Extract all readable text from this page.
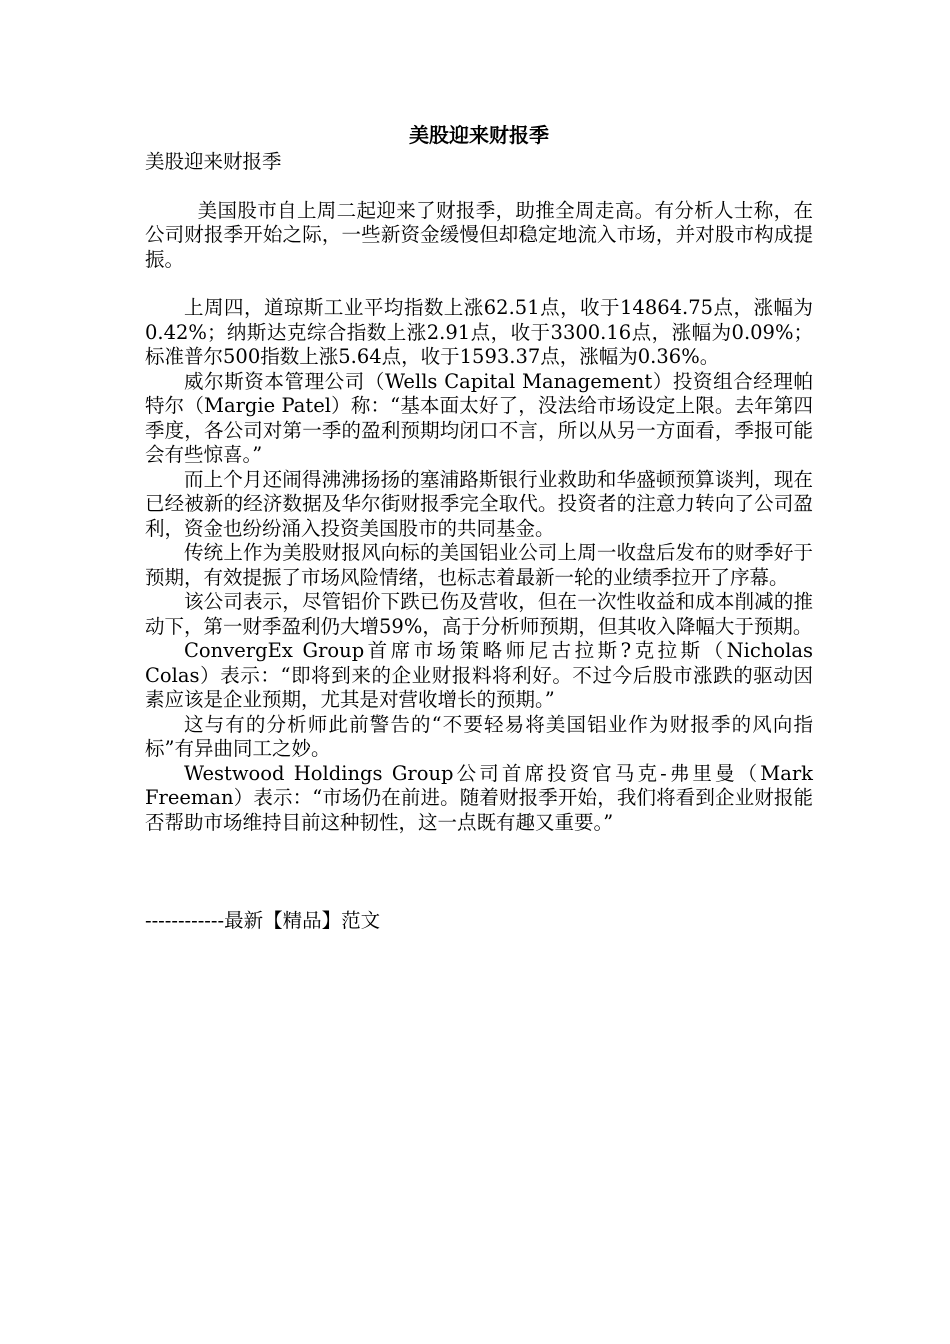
美股迎来财报季
美股迎来财报季

美国股市自上周二起迎来了财报季，助推全周走高。有分析人士称，在公司财报季开始之际，一些新资金缓慢但却稳定地流入市场，并对股市构成提振。

上周四，道琼斯工业平均指数上涨62.51点，收于14864.75点，涨幅为0.42%；纳斯达克综合指数上涨2.91点，收于3300.16点，涨幅为0.09%；标准普尔500指数上涨5.64点，收于1593.37点，涨幅为0.36%。

威尔斯资本管理公司（Wells Capital Management）投资组合经理帕特尔（Margie Patel）称：“基本面太好了，没法给市场设定上限。去年第四季度，各公司对第一季的盈利预期均闭口不言，所以从另一方面看，季报可能会有些惊喜。”

而上个月还闹得沸沸扬扬的塞浦路斯银行业救助和华盛顿预算谈判，现在已经被新的经济数据及华尔街财报季完全取代。投资者的注意力转向了公司盈利，资金也纷纷涌入投资美国股市的共同基金。

传统上作为美股财报风向标的美国铝业公司上周一收盘后发布的财季好于预期，有效提振了市场风险情绪，也标志着最新一轮的业绩季拉开了序幕。

该公司表示，尽管铝价下跌已伤及营收，但在一次性收益和成本削减的推动下，第一财季盈利仍大增59%，高于分析师预期，但其收入降幅大于预期。

ConvergEx Group首席市场策略师尼古拉斯?克拉斯（Nicholas Colas）表示：“即将到来的企业财报料将利好。不过今后股市涨跌的驱动因素应该是企业预期，尤其是对营收增长的预期。”

这与有的分析师此前警告的“不要轻易将美国铝业作为财报季的风向指标”有异曲同工之妙。

Westwood Holdings Group公司首席投资官马克-弗里曼（Mark Freeman）表示：“市场仍在前进。随着财报季开始，我们将看到企业财报能否帮助市场维持目前这种韧性，这一点既有趣又重要。”

------------最新【精品】范文
